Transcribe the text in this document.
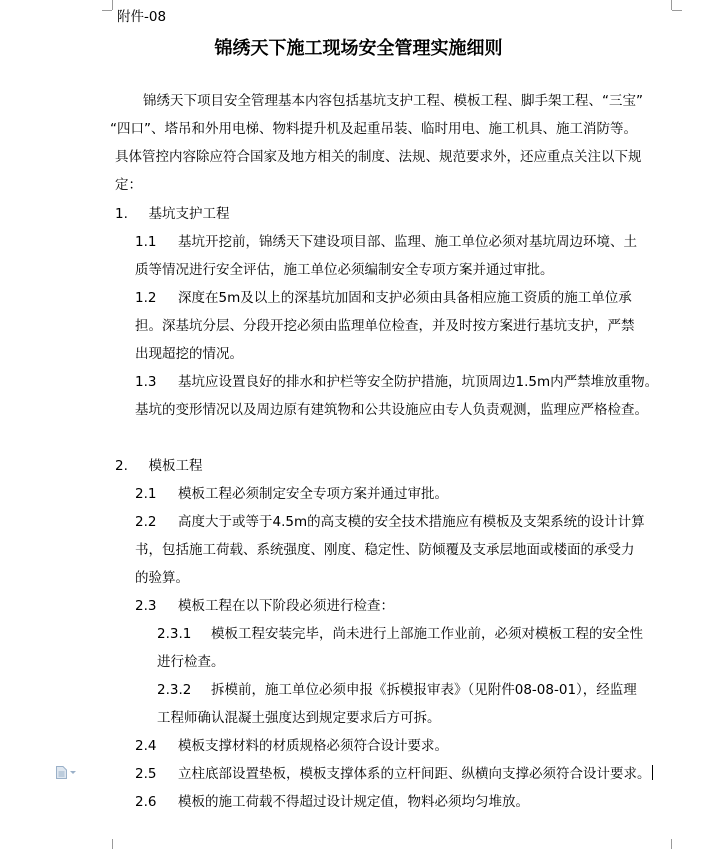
附件-08
锦绣天下施工现场安全管理实施细则
锦绣天下项目安全管理基本内容包括基坑支护工程、模板工程、脚手架工程、“三宝”
“四口”、塔吊和外用电梯、物料提升机及起重吊装、临时用电、施工机具、施工消防等。
具体管控内容除应符合国家及地方相关的制度、法规、规范要求外，还应重点关注以下规
定：
1. 基坑支护工程
1.1 基坑开挖前，锦绣天下建设项目部、监理、施工单位必须对基坑周边环境、土
质等情况进行安全评估，施工单位必须编制安全专项方案并通过审批。
1.2 深度在5m及以上的深基坑加固和支护必须由具备相应施工资质的施工单位承
担。深基坑分层、分段开挖必须由监理单位检查，并及时按方案进行基坑支护，严禁
出现超挖的情况。
1.3 基坑应设置良好的排水和护栏等安全防护措施，坑顶周边1.5m内严禁堆放重物。
基坑的变形情况以及周边原有建筑物和公共设施应由专人负责观测，监理应严格检查。
2. 模板工程
2.1 模板工程必须制定安全专项方案并通过审批。
2.2 高度大于或等于4.5m的高支模的安全技术措施应有模板及支架系统的设计计算
书，包括施工荷载、系统强度、刚度、稳定性、防倾覆及支承层地面或楼面的承受力
的验算。
2.3 模板工程在以下阶段必须进行检查：
2.3.1 模板工程安装完毕，尚未进行上部施工作业前，必须对模板工程的安全性
进行检查。
2.3.2 拆模前，施工单位必须申报《拆模报审表》（见附件08-08-01），经监理
工程师确认混凝土强度达到规定要求后方可拆。
2.4 模板支撑材料的材质规格必须符合设计要求。
2.5 立柱底部设置垫板，模板支撑体系的立杆间距、纵横向支撑必须符合设计要求。
2.6 模板的施工荷载不得超过设计规定值，物料必须均匀堆放。
